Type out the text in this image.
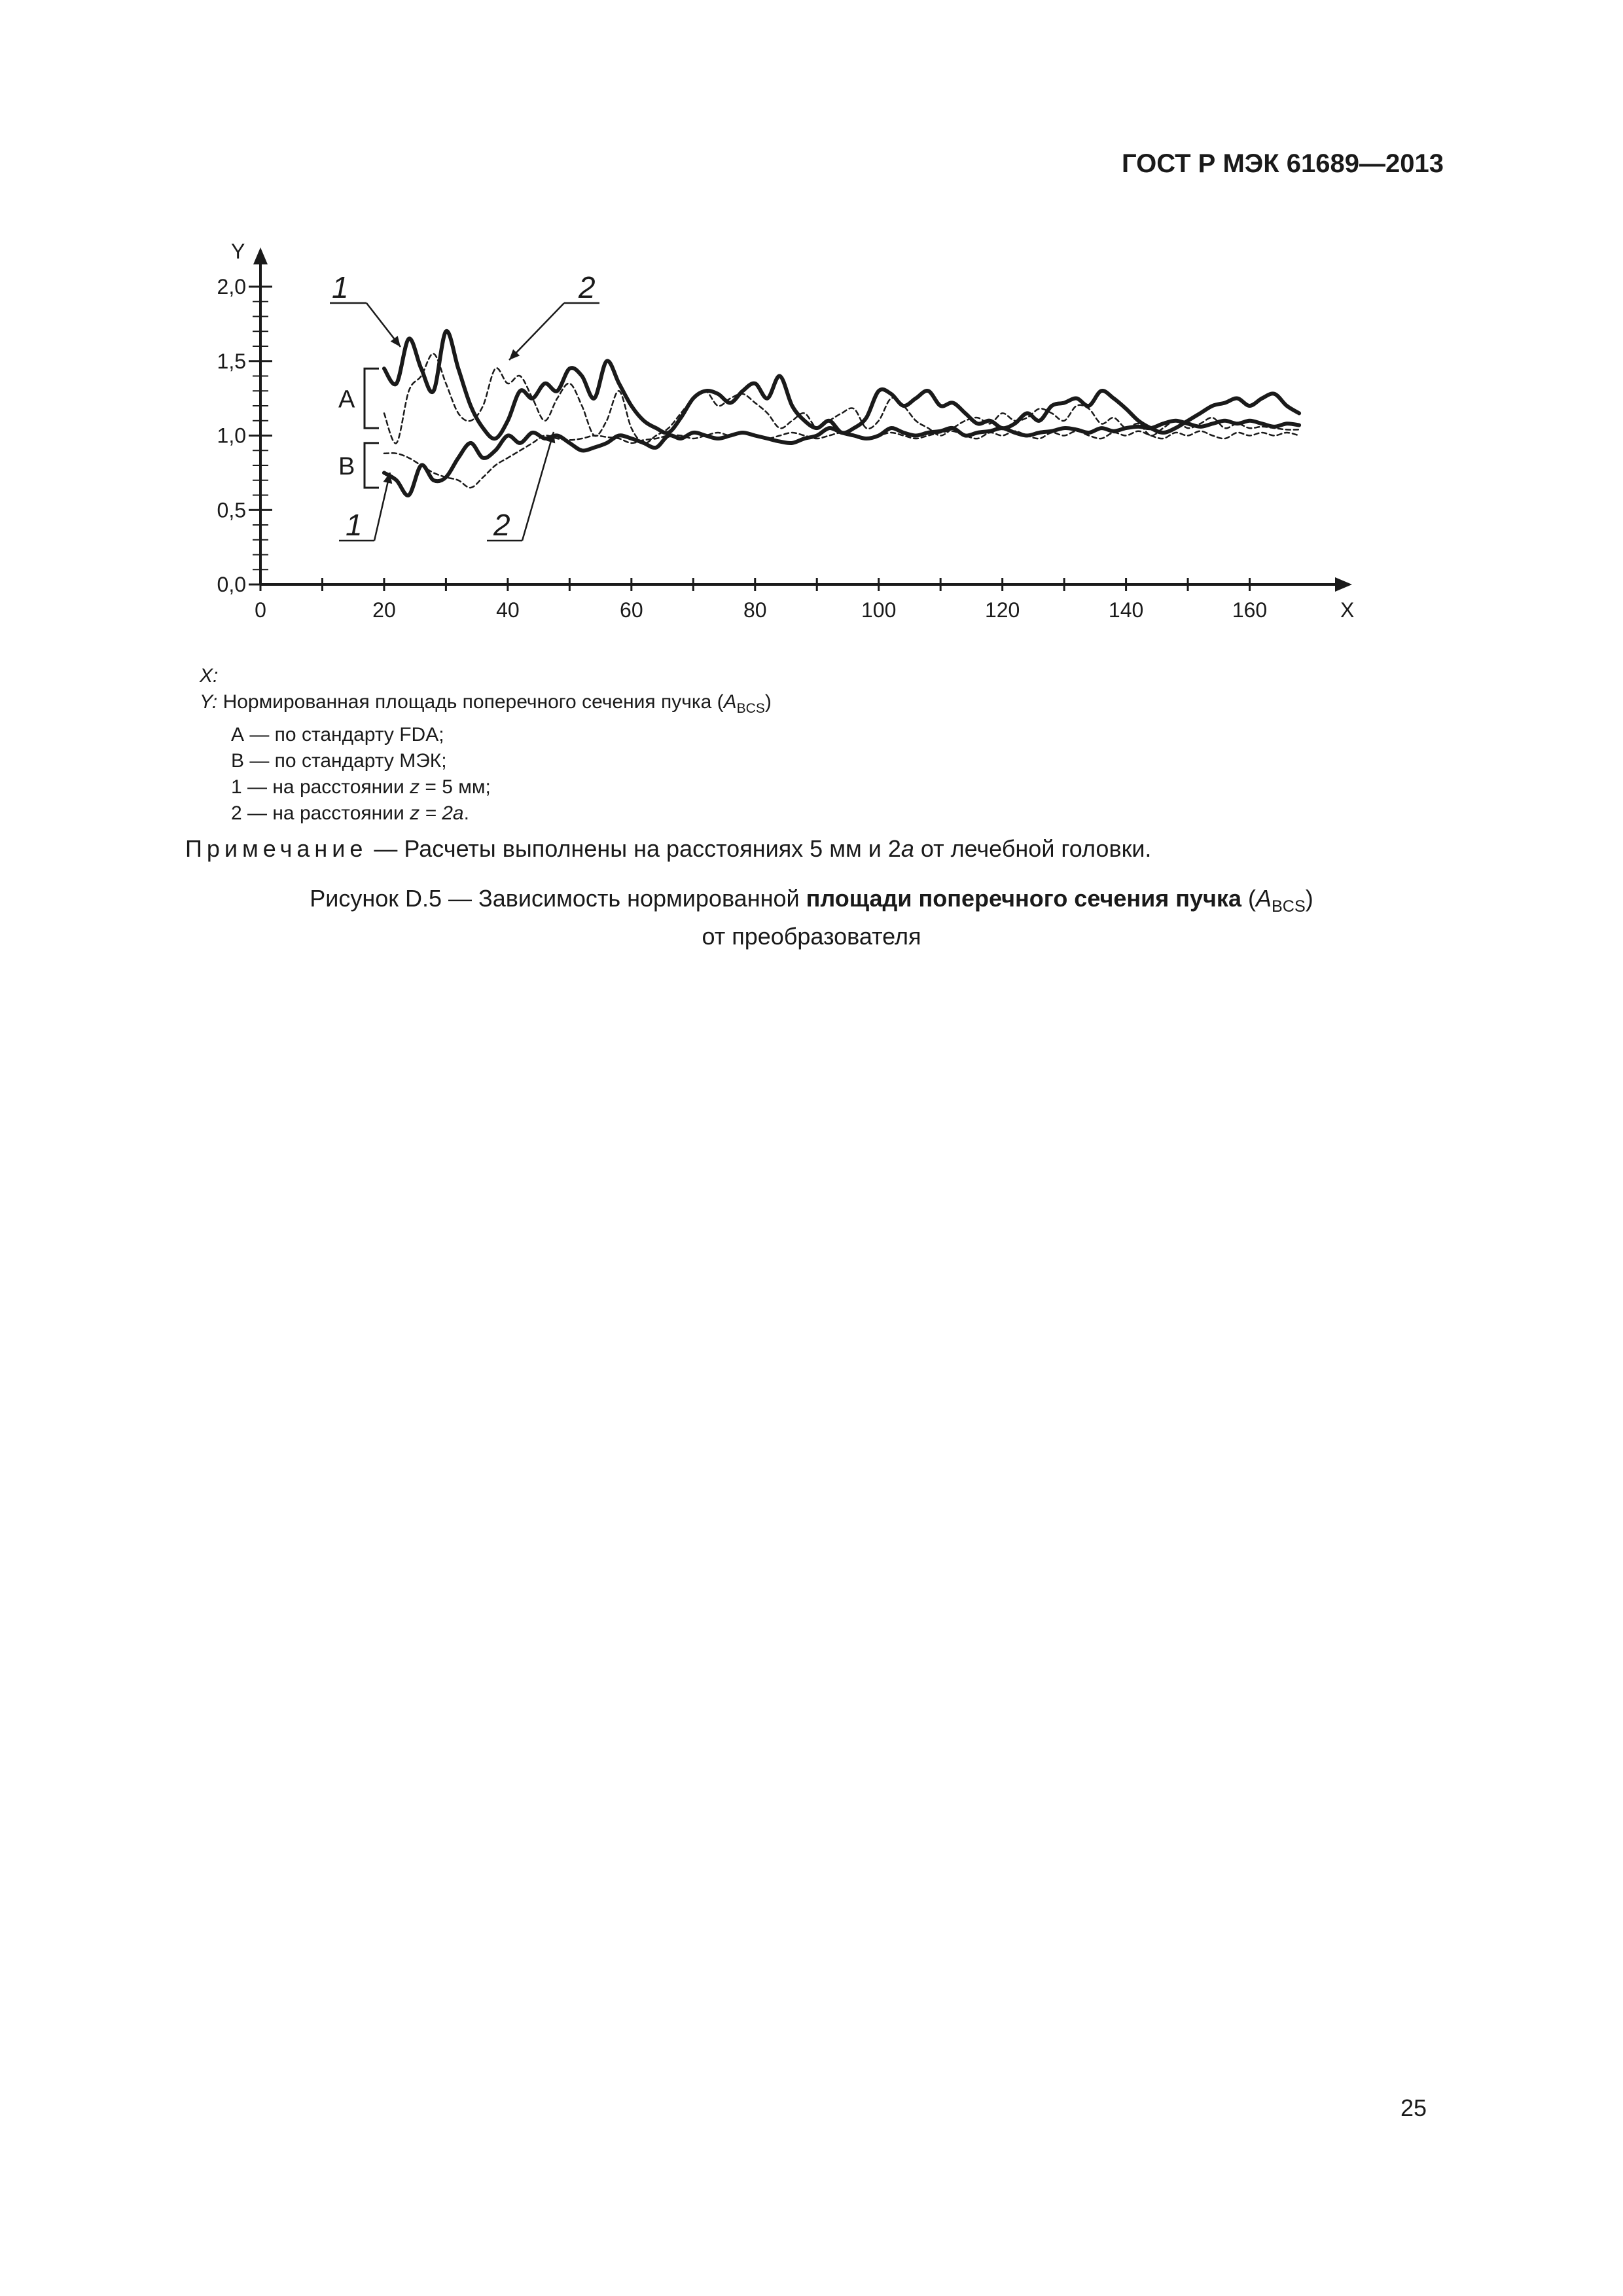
ГОСТ Р МЭК 61689—2013
0	20	40	60	80	100	120	140	160	X
0,0
0,5
1,0
1,5
2,0
Y
A
B
1	2
1	2
X:
Y: Нормированная площадь поперечного сечения пучка $(A_{BCS})$
А — по стандарту FDA;
В — по стандарту МЭК;
1 — на расстоянии z = 5 мм;
2 — на расстоянии z = 2a.
Примечание — Расчеты выполнены на расстояниях 5 мм и 2a от лечебной головки.
Рисунок D.5 — Зависимость нормированной площади поперечного сечения пучка $(A_{BCS})$
от преобразователя
25
